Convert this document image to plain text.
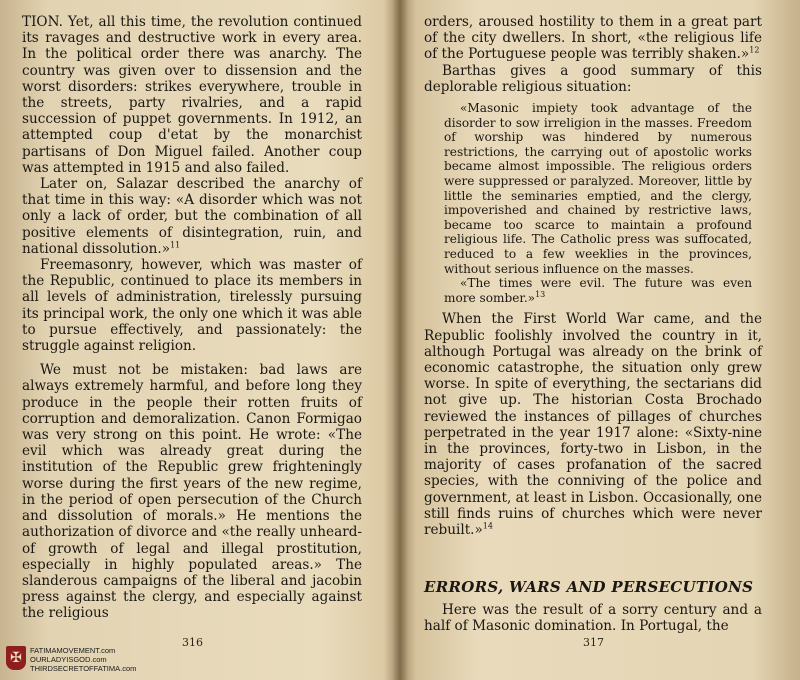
TION. Yet, all this time, the revolution continued its ravages and destructive work in every area. In the political order there was anarchy. The country was given over to dissension and the worst disorders: strikes everywhere, trouble in the streets, party rivalries, and a rapid succession of puppet governments. In 1912, an attempted coup d'etat by the monarchist partisans of Don Miguel failed. Another coup was attempted in 1915 and also failed.

Later on, Salazar described the anarchy of that time in this way: «A disorder which was not only a lack of order, but the combination of all positive elements of disintegration, ruin, and national dissolution.»$^{11}$

Freemasonry, however, which was master of the Republic, continued to place its members in all levels of administration, tirelessly pursuing its principal work, the only one which it was able to pursue effectively, and passionately: the struggle against religion.

We must not be mistaken: bad laws are always extremely harmful, and before long they produce in the people their rotten fruits of corruption and demoralization. Canon Formigao was very strong on this point. He wrote: «The evil which was already great during the institution of the Republic grew frighteningly worse during the first years of the new regime, in the period of open persecution of the Church and dissolution of morals.» He mentions the authorization of divorce and «the really unheard-of growth of legal and illegal prostitution, especially in highly populated areas.» The slanderous campaigns of the liberal and jacobin press against the clergy, and especially against the religious

316

orders, aroused hostility to them in a great part of the city dwellers. In short, «the religious life of the Portuguese people was terribly shaken.»$^{12}$

Barthas gives a good summary of this deplorable religious situation:

«Masonic impiety took advantage of the disorder to sow irreligion in the masses. Freedom of worship was hindered by numerous restrictions, the carrying out of apostolic works became almost impossible. The religious orders were suppressed or paralyzed. Moreover, little by little the seminaries emptied, and the clergy, impoverished and chained by restrictive laws, became too scarce to maintain a profound religious life. The Catholic press was suffocated, reduced to a few weeklies in the provinces, without serious influence on the masses.

«The times were evil. The future was even more somber.»$^{13}$

When the First World War came, and the Republic foolishly involved the country in it, although Portugal was already on the brink of economic catastrophe, the situation only grew worse. In spite of everything, the sectarians did not give up. The historian Costa Brochado reviewed the instances of pillages of churches perpetrated in the year 1917 alone: «Sixty-nine in the provinces, forty-two in Lisbon, in the majority of cases profanation of the sacred species, with the conniving of the police and government, at least in Lisbon. Occasionally, one still finds ruins of churches which were never rebuilt.»$^{14}$

ERRORS, WARS AND PERSECUTIONS

Here was the result of a sorry century and a half of Masonic domination. In Portugal, the

317
✠	FATIMAMOVEMENT.com
OURLADYISGOD.com
THIRDSECRETOFFATIMA.com
